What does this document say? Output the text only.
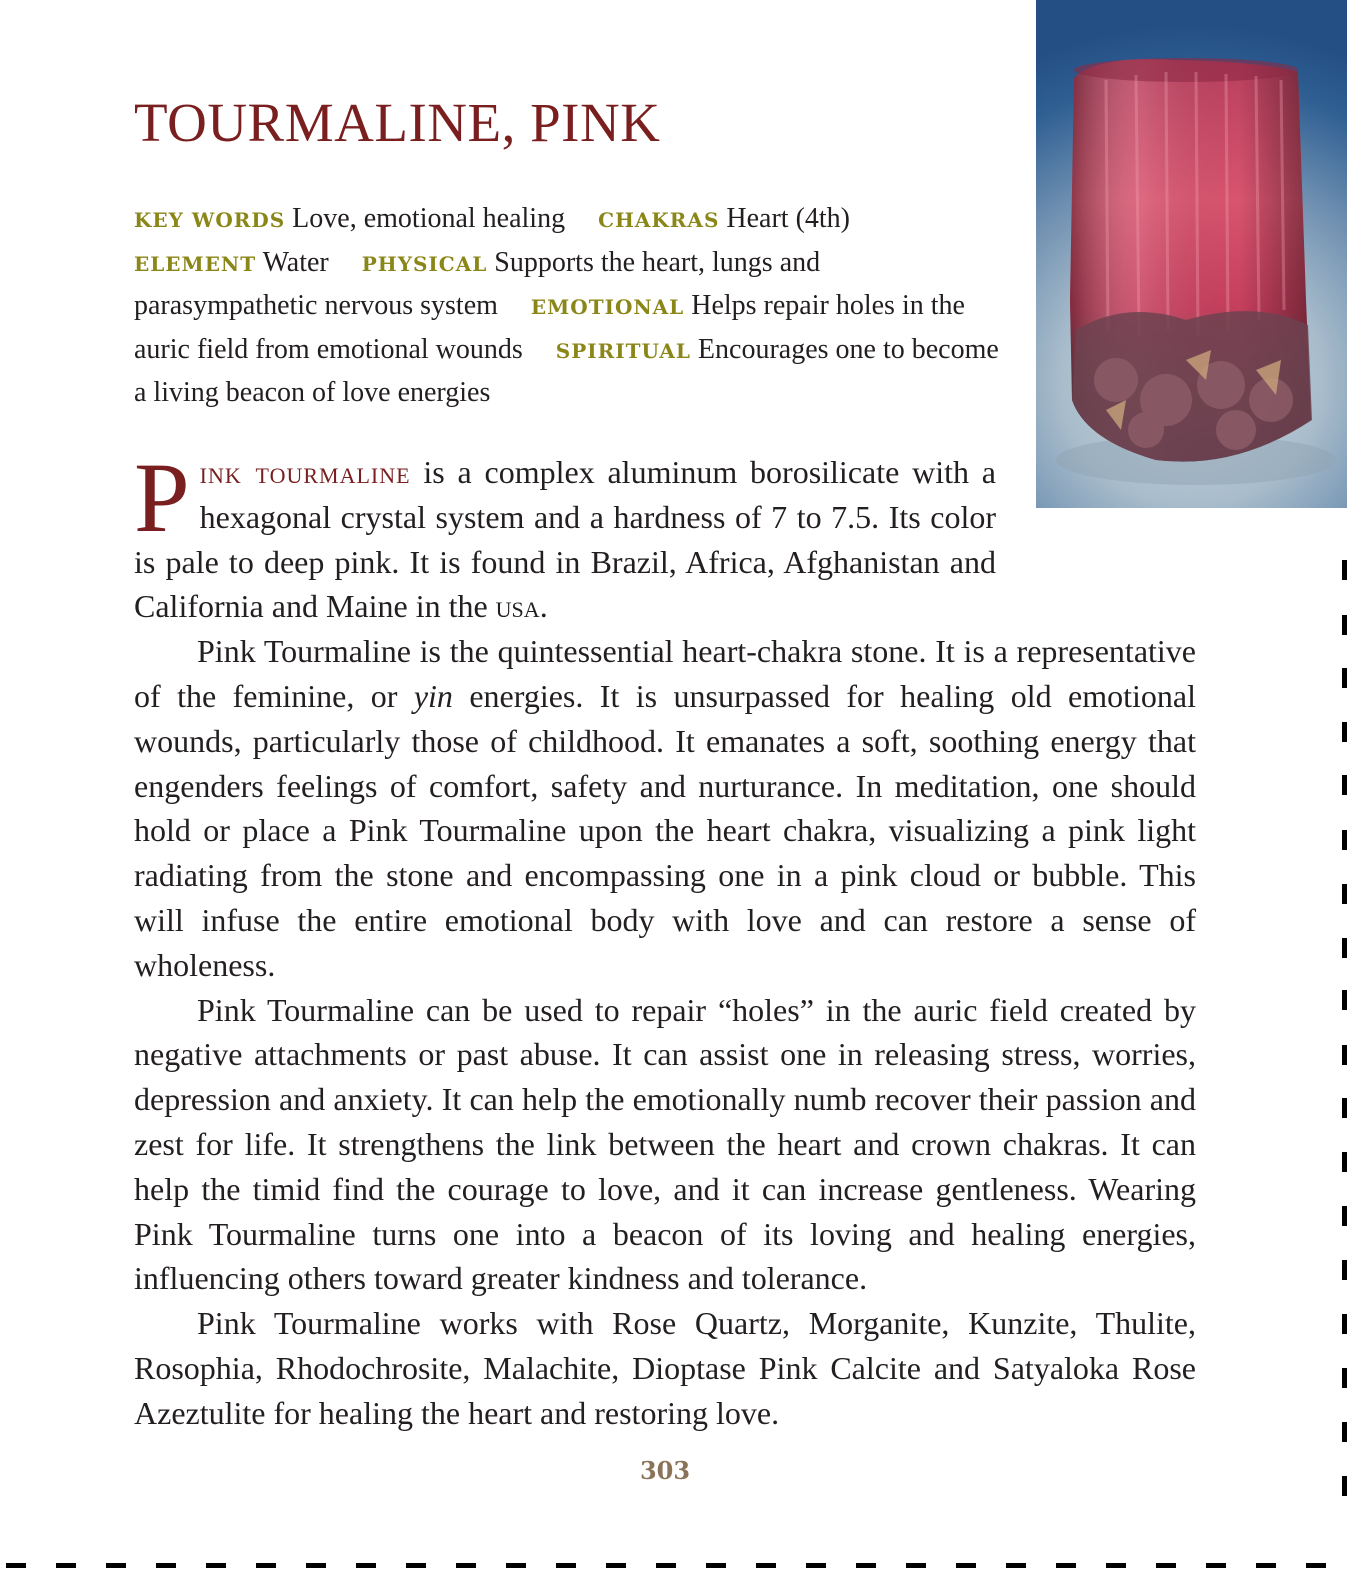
TOURMALINE, PINK
KEY WORDS Love, emotional healing CHAKRAS Heart (4th)
ELEMENT Water PHYSICAL Supports the heart, lungs and parasympathetic nervous system EMOTIONAL Helps repair holes in the auric field from emotional wounds SPIRITUAL Encourages one to become a living beacon of love energies

Pink tourmaline is a complex aluminum borosilicate with a hexagonal crystal system and a hardness of 7 to 7.5. Its color is pale to deep pink. It is found in Brazil, Africa, Afghanistan and California and Maine in the usa.

Pink Tourmaline is the quintessential heart-chakra stone. It is a representative of the feminine, or yin energies. It is unsurpassed for healing old emotional wounds, particularly those of childhood. It emanates a soft, soothing energy that engenders feelings of comfort, safety and nurturance. In meditation, one should hold or place a Pink Tourmaline upon the heart chakra, visualizing a pink light radiating from the stone and encompassing one in a pink cloud or bubble. This will infuse the entire emotional body with love and can restore a sense of wholeness.

Pink Tourmaline can be used to repair “holes” in the auric field created by negative attachments or past abuse. It can assist one in releasing stress, worries, depression and anxiety. It can help the emotionally numb recover their passion and zest for life. It strengthens the link between the heart and crown chakras. It can help the timid find the courage to love, and it can increase gentleness. Wearing Pink Tourmaline turns one into a beacon of its loving and healing energies, influencing others toward greater kindness and tolerance.

Pink Tourmaline works with Rose Quartz, Morganite, Kunzite, Thulite, Rosophia, Rhodochrosite, Malachite, Dioptase Pink Calcite and Satyaloka Rose Azeztulite for healing the heart and restoring love.

303
